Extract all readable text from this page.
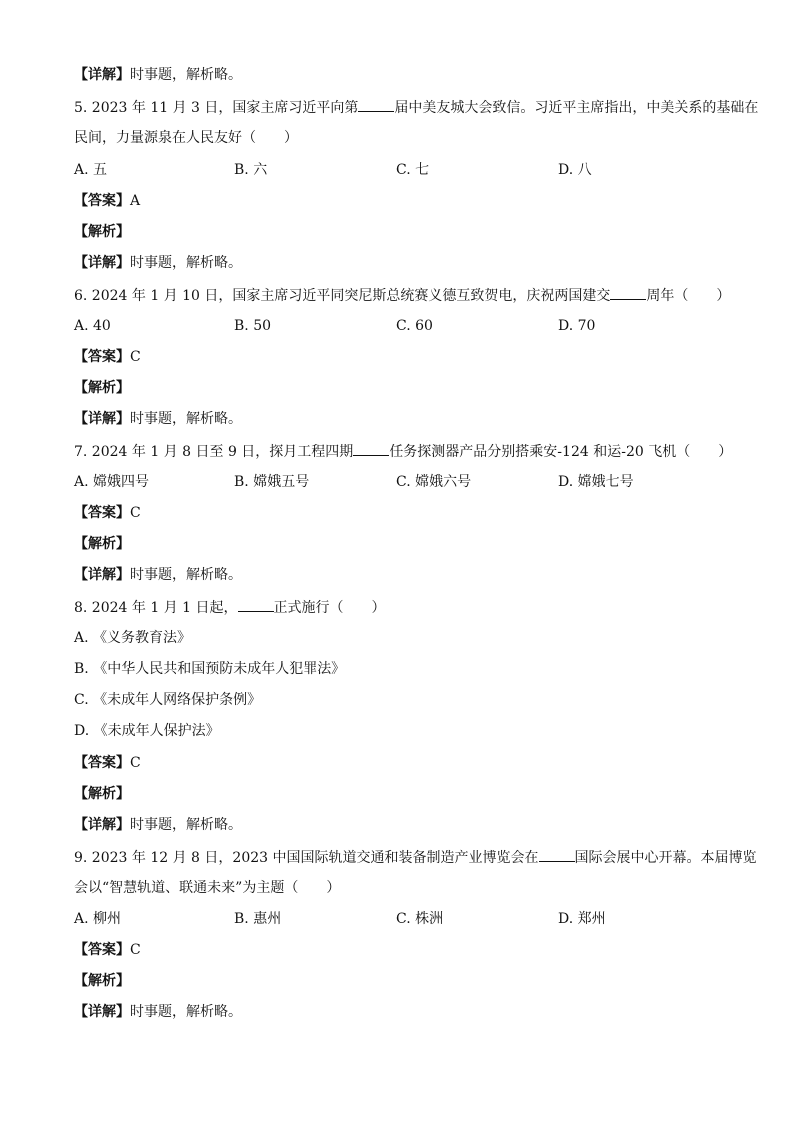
【详解】时事题，解析略。
5. 2023 年 11 月 3 日，国家主席习近平向第	届中美友城大会致信。习近平主席指出，中美关系的基础在
民间，力量源泉在人民友好（　　）
A. 五	B. 六	C. 七	D. 八
【答案】A
【解析】
【详解】时事题，解析略。
6. 2024 年 1 月 10 日，国家主席习近平同突尼斯总统赛义德互致贺电，庆祝两国建交	周年（　　）
A. 40	B. 50	C. 60	D. 70
【答案】C
【解析】
【详解】时事题，解析略。
7. 2024 年 1 月 8 日至 9 日，探月工程四期	任务探测器产品分别搭乘安-124 和运-20 飞机（　　）
A. 嫦娥四号	B. 嫦娥五号	C. 嫦娥六号	D. 嫦娥七号
【答案】C
【解析】
【详解】时事题，解析略。
8. 2024 年 1 月 1 日起，	正式施行（　　）
A. 《义务教育法》
B. 《中华人民共和国预防未成年人犯罪法》
C. 《未成年人网络保护条例》
D. 《未成年人保护法》
【答案】C
【解析】
【详解】时事题，解析略。
9. 2023 年 12 月 8 日，2023 中国国际轨道交通和装备制造产业博览会在	国际会展中心开幕。本届博览
会以“智慧轨道、联通未来”为主题（　　）
A. 柳州	B. 惠州	C. 株洲	D. 郑州
【答案】C
【解析】
【详解】时事题，解析略。
